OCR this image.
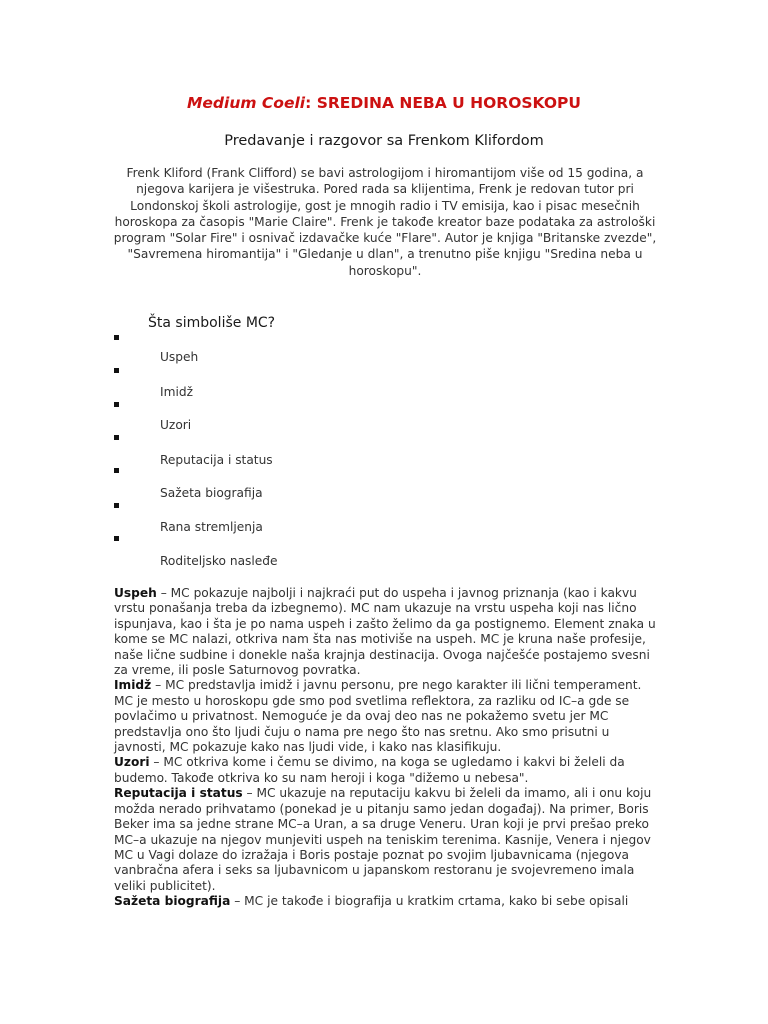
Medium Coeli: SREDINA NEBA U HOROSKOPU
Predavanje i razgovor sa Frenkom Klifordom
Frenk Kliford (Frank Clifford) se bavi astrologijom i hiromantijom više od 15 godina, a njegova karijera je višestruka. Pored rada sa klijentima, Frenk je redovan tutor pri Londonskoj školi astrologije, gost je mnogih radio i TV emisija, kao i pisac mesečnih horoskopa za časopis "Marie Claire". Frenk je takođe kreator baze podataka za astrološki program "Solar Fire" i osnivač izdavačke kuće "Flare". Autor je knjiga "Britanske zvezde", "Savremena hiromantija" i "Gledanje u dlan", a trenutno piše knjigu "Sredina neba u horoskopu".
Šta simboliše MC?
Uspeh
Imidž
Uzori
Reputacija i status
Sažeta biografija
Rana stremljenja
Roditeljsko nasleđe

Uspeh – MC pokazuje najbolji i najkraći put do uspeha i javnog priznanja (kao i kakvu vrstu ponašanja treba da izbegnemo). MC nam ukazuje na vrstu uspeha koji nas lično ispunjava, kao i šta je po nama uspeh i zašto želimo da ga postignemo. Element znaka u kome se MC nalazi, otkriva nam šta nas motiviše na uspeh. MC je kruna naše profesije, naše lične sudbine i donekle naša krajnja destinacija. Ovoga najčešće postajemo svesni za vreme, ili posle Saturnovog povratka.

Imidž – MC predstavlja imidž i javnu personu, pre nego karakter ili lični temperament. MC je mesto u horoskopu gde smo pod svetlima reflektora, za razliku od IC–a gde se povlačimo u privatnost. Nemoguće je da ovaj deo nas ne pokažemo svetu jer MC predstavlja ono što ljudi čuju o nama pre nego što nas sretnu. Ako smo prisutni u javnosti, MC pokazuje kako nas ljudi vide, i kako nas klasifikuju.

Uzori – MC otkriva kome i čemu se divimo, na koga se ugledamo i kakvi bi želeli da budemo. Takođe otkriva ko su nam heroji i koga "dižemo u nebesa".

Reputacija i status – MC ukazuje na reputaciju kakvu bi želeli da imamo, ali i onu koju možda nerado prihvatamo (ponekad je u pitanju samo jedan događaj). Na primer, Boris Beker ima sa jedne strane MC–a Uran, a sa druge Veneru. Uran koji je prvi prešao preko MC–a ukazuje na njegov munjeviti uspeh na teniskim terenima. Kasnije, Venera i njegov MC u Vagi dolaze do izražaja i Boris postaje poznat po svojim ljubavnicama (njegova vanbračna afera i seks sa ljubavnicom u japanskom restoranu je svojevremeno imala veliki publicitet).

Sažeta biografija – MC je takođe i biografija u kratkim crtama, kako bi sebe opisali
